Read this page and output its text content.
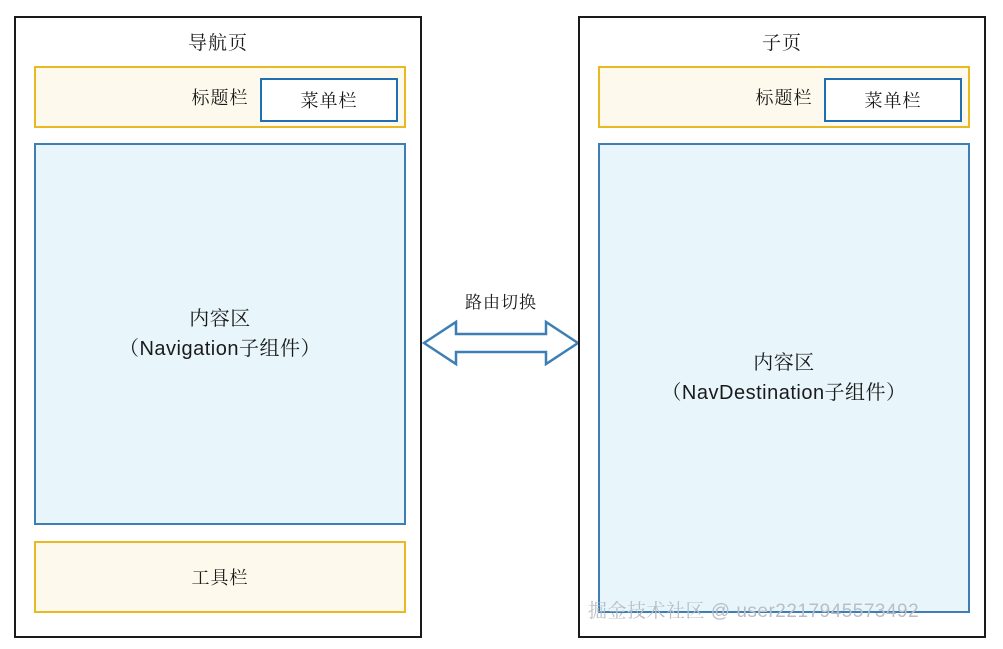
导航页
标题栏	菜单栏
内容区
（Navigation子组件）
工具栏
路由切换
子页
标题栏	菜单栏
内容区
（NavDestination子组件）
掘金技术社区 @ user2217945573492
